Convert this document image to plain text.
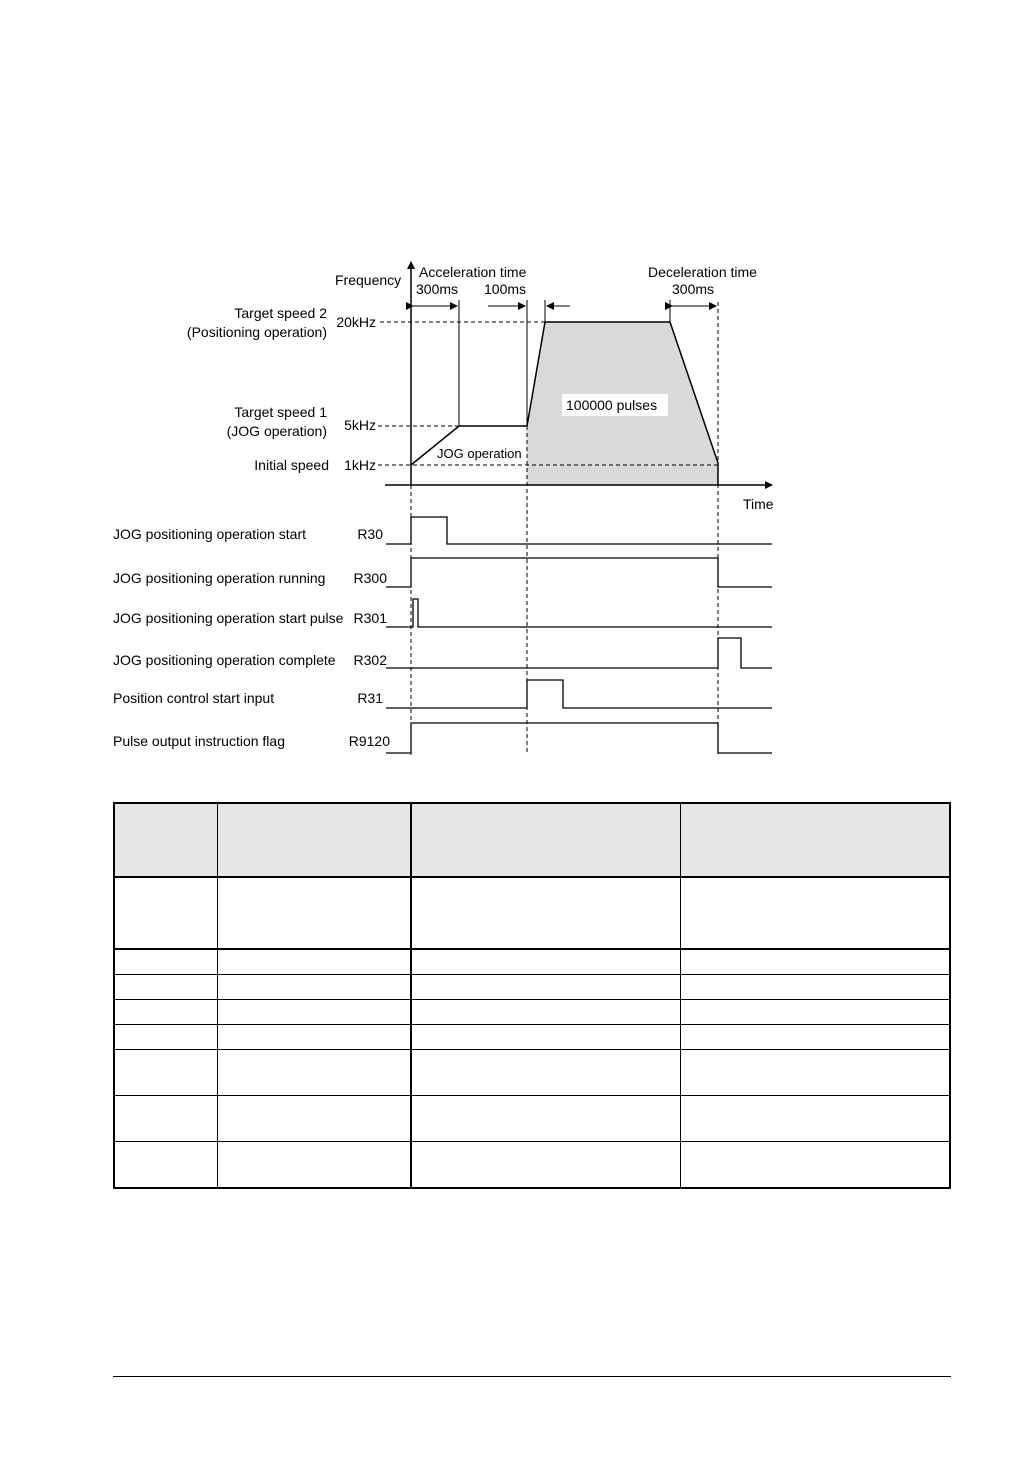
Frequency
Time
Target speed 2
(Positioning operation)
Target speed 1
(JOG operation)
Initial speed
20kHz
5kHz
1kHz
Acceleration time
300ms 100ms
Deceleration time
300ms
100000 pulses
JOG operation
JOG positioning operation start
JOG positioning operation running
JOG positioning operation start pulse
JOG positioning operation complete
Position control start input
Pulse output instruction flag
R30
R300
R301
R302
R31
R9120
